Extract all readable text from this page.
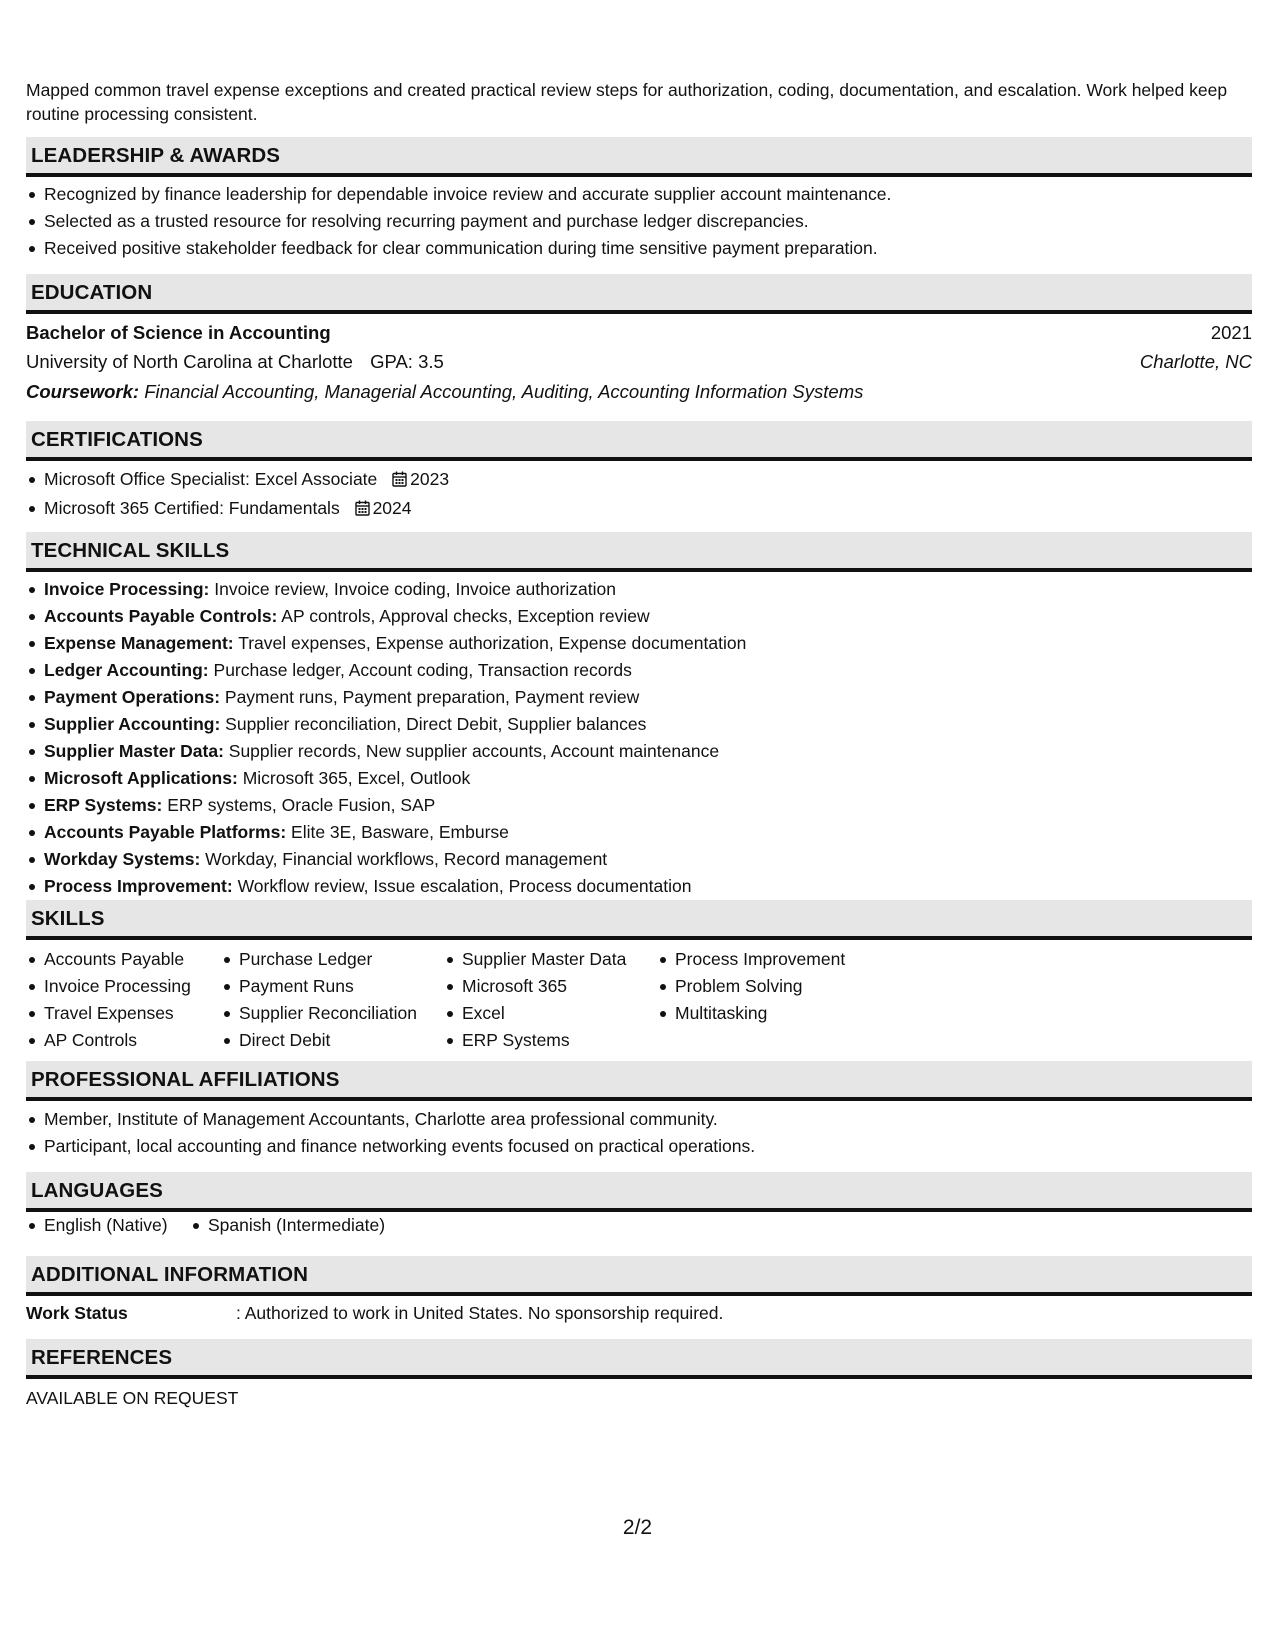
Mapped common travel expense exceptions and created practical review steps for authorization, coding, documentation, and escalation. Work helped keep routine processing consistent.
LEADERSHIP & AWARDS
Recognized by finance leadership for dependable invoice review and accurate supplier account maintenance.
Selected as a trusted resource for resolving recurring payment and purchase ledger discrepancies.
Received positive stakeholder feedback for clear communication during time sensitive payment preparation.
EDUCATION
Bachelor of Science in Accounting	2021
University of North Carolina at Charlotte GPA: 3.5	Charlotte, NC
Coursework: Financial Accounting, Managerial Accounting, Auditing, Accounting Information Systems
CERTIFICATIONS
Microsoft Office Specialist: Excel Associate 2023
Microsoft 365 Certified: Fundamentals 2024
TECHNICAL SKILLS
Invoice Processing: Invoice review, Invoice coding, Invoice authorization
Accounts Payable Controls: AP controls, Approval checks, Exception review
Expense Management: Travel expenses, Expense authorization, Expense documentation
Ledger Accounting: Purchase ledger, Account coding, Transaction records
Payment Operations: Payment runs, Payment preparation, Payment review
Supplier Accounting: Supplier reconciliation, Direct Debit, Supplier balances
Supplier Master Data: Supplier records, New supplier accounts, Account maintenance
Microsoft Applications: Microsoft 365, Excel, Outlook
ERP Systems: ERP systems, Oracle Fusion, SAP
Accounts Payable Platforms: Elite 3E, Basware, Emburse
Workday Systems: Workday, Financial workflows, Record management
Process Improvement: Workflow review, Issue escalation, Process documentation
SKILLS
Accounts Payable
Invoice Processing
Travel Expenses
AP Controls
Purchase Ledger
Payment Runs
Supplier Reconciliation
Direct Debit
Supplier Master Data
Microsoft 365
Excel
ERP Systems
Process Improvement
Problem Solving
Multitasking
PROFESSIONAL AFFILIATIONS
Member, Institute of Management Accountants, Charlotte area professional community.
Participant, local accounting and finance networking events focused on practical operations.
LANGUAGES
English (Native) Spanish (Intermediate)
ADDITIONAL INFORMATION
Work Status	: Authorized to work in United States. No sponsorship required.
REFERENCES
AVAILABLE ON REQUEST
2/2
